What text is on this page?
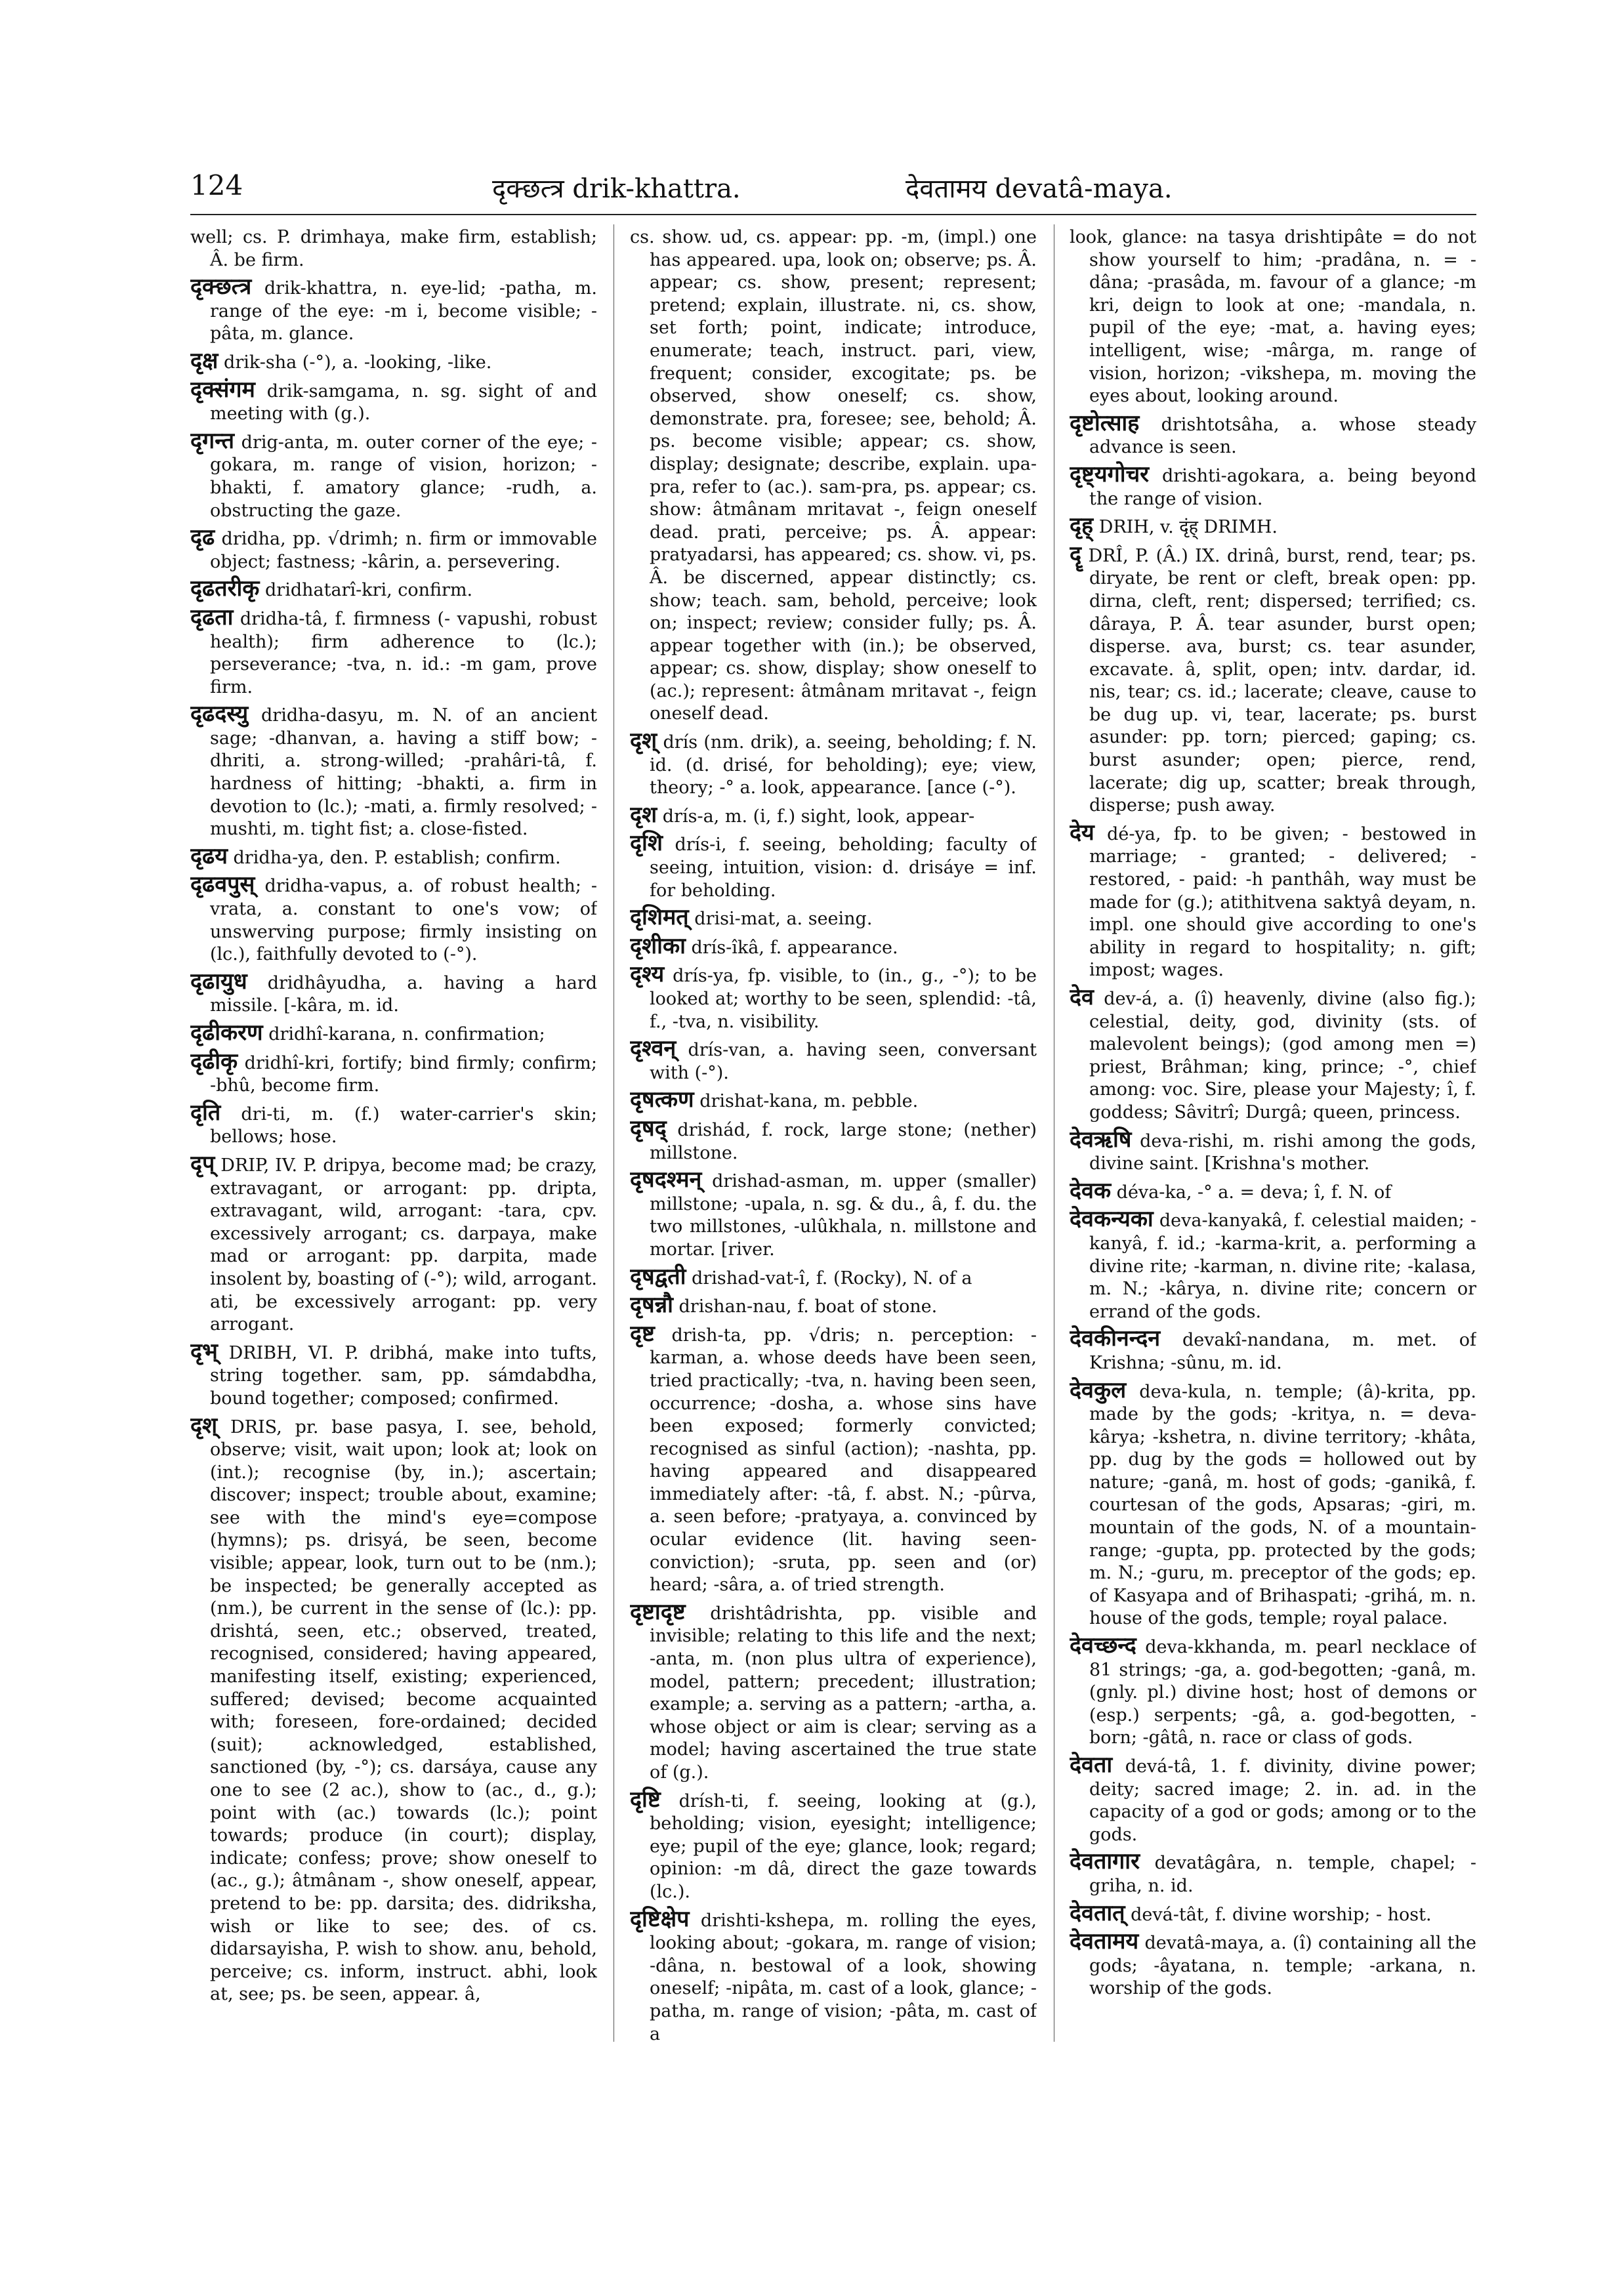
124	दृक्छत्त्र drik-khattra.	देवतामय devatâ-maya.

well; cs. P. drimhaya, make firm, establish; Â. be firm.

दृक्छत्त्र drik-khattra, n. eye-lid; -patha, m. range of the eye: -m i, become visible; -pâta, m. glance.

दृक्ष drik-sha (-°), a. -looking, -like.

दृक्संगम drik-samgama, n. sg. sight of and meeting with (g.).

दृगन्त drig-anta, m. outer corner of the eye; -gokara, m. range of vision, horizon; -bhakti, f. amatory glance; -rudh, a. obstructing the gaze.

दृढ dridha, pp. √drimh; n. firm or immovable object; fastness; -kârin, a. persevering.

दृढतरीकृ dridhatarî-kri, confirm.

दृढता dridha-tâ, f. firmness (- vapushi, robust health); firm adherence to (lc.); perseverance; -tva, n. id.: -m gam, prove firm.

दृढदस्यु dridha-dasyu, m. N. of an ancient sage; -dhanvan, a. having a stiff bow; -dhriti, a. strong-willed; -prahâri-tâ, f. hardness of hitting; -bhakti, a. firm in devotion to (lc.); -mati, a. firmly resolved; -mushti, m. tight fist; a. close-fisted.

दृढय dridha-ya, den. P. establish; confirm.

दृढवपुस् dridha-vapus, a. of robust health; -vrata, a. constant to one's vow; of unswerving purpose; firmly insisting on (lc.), faithfully devoted to (-°).

दृढायुध dridhâyudha, a. having a hard missile. [-kâra, m. id.

दृढीकरण dridhî-karana, n. confirmation;

दृढीकृ dridhî-kri, fortify; bind firmly; confirm; -bhû, become firm.

दृति dri-ti, m. (f.) water-carrier's skin; bellows; hose.

दृप् DRIP, IV. P. dripya, become mad; be crazy, extravagant, or arrogant: pp. dripta, extravagant, wild, arrogant: -tara, cpv. excessively arrogant; cs. darpaya, make mad or arrogant: pp. darpita, made insolent by, boasting of (-°); wild, arrogant. ati, be excessively arrogant: pp. very arrogant.

दृभ् DRIBH, VI. P. dribhá, make into tufts, string together. sam, pp. sámdabdha, bound together; composed; confirmed.

दृश् DRIS, pr. base pasya, I. see, behold, observe; visit, wait upon; look at; look on (int.); recognise (by, in.); ascertain; discover; inspect; trouble about, examine; see with the mind's eye=compose (hymns); ps. drisyá, be seen, become visible; appear, look, turn out to be (nm.); be inspected; be generally accepted as (nm.), be current in the sense of (lc.): pp. drishtá, seen, etc.; observed, treated, recognised, considered; having appeared, manifesting itself, existing; experienced, suffered; devised; become acquainted with; foreseen, fore-ordained; decided (suit); acknowledged, established, sanctioned (by, -°); cs. darsáya, cause any one to see (2 ac.), show to (ac., d., g.); point with (ac.) towards (lc.); point towards; produce (in court); display, indicate; confess; prove; show oneself to (ac., g.); âtmânam -, show oneself, appear, pretend to be: pp. darsita; des. didriksha, wish or like to see; des. of cs. didarsayisha, P. wish to show. anu, behold, perceive; cs. inform, instruct. abhi, look at, see; ps. be seen, appear. â,

cs. show. ud, cs. appear: pp. -m, (impl.) one has appeared. upa, look on; observe; ps. Â. appear; cs. show, present; represent; pretend; explain, illustrate. ni, cs. show, set forth; point, indicate; introduce, enumerate; teach, instruct. pari, view, frequent; consider, excogitate; ps. be observed, show oneself; cs. show, demonstrate. pra, foresee; see, behold; Â. ps. become visible; appear; cs. show, display; designate; describe, explain. upa-pra, refer to (ac.). sam-pra, ps. appear; cs. show: âtmânam mritavat -, feign oneself dead. prati, perceive; ps. Â. appear: pratyadarsi, has appeared; cs. show. vi, ps. Â. be discerned, appear distinctly; cs. show; teach. sam, behold, perceive; look on; inspect; review; consider fully; ps. Â. appear together with (in.); be observed, appear; cs. show, display; show oneself to (ac.); represent: âtmânam mritavat -, feign oneself dead.

दृश् drís (nm. drik), a. seeing, beholding; f. N. id. (d. drisé, for beholding); eye; view, theory; -° a. look, appearance. [ance (-°).

दृश drís-a, m. (i, f.) sight, look, appear-

दृशि drís-i, f. seeing, beholding; faculty of seeing, intuition, vision: d. drisáye = inf. for beholding.

दृशिमत् drisi-mat, a. seeing.

दृशीका drís-îkâ, f. appearance.

दृश्य drís-ya, fp. visible, to (in., g., -°); to be looked at; worthy to be seen, splendid: -tâ, f., -tva, n. visibility.

दृश्वन् drís-van, a. having seen, conversant with (-°).

दृषत्कण drishat-kana, m. pebble.

दृषद् drishád, f. rock, large stone; (nether) millstone.

दृषदश्मन् drishad-asman, m. upper (smaller) millstone; -upala, n. sg. & du., â, f. du. the two millstones, -ulûkhala, n. millstone and mortar. [river.

दृषद्वती drishad-vat-î, f. (Rocky), N. of a

दृषन्नौ drishan-nau, f. boat of stone.

दृष्ट drish-ta, pp. √dris; n. perception: -karman, a. whose deeds have been seen, tried practically; -tva, n. having been seen, occurrence; -dosha, a. whose sins have been exposed; formerly convicted; recognised as sinful (action); -nashta, pp. having appeared and disappeared immediately after: -tâ, f. abst. N.; -pûrva, a. seen before; -pratyaya, a. convinced by ocular evidence (lit. having seen-conviction); -sruta, pp. seen and (or) heard; -sâra, a. of tried strength.

दृष्टादृष्ट drishtâdrishta, pp. visible and invisible; relating to this life and the next; -anta, m. (non plus ultra of experience), model, pattern; precedent; illustration; example; a. serving as a pattern; -artha, a. whose object or aim is clear; serving as a model; having ascertained the true state of (g.).

दृष्टि drísh-ti, f. seeing, looking at (g.), beholding; vision, eyesight; intelligence; eye; pupil of the eye; glance, look; regard; opinion: -m dâ, direct the gaze towards (lc.).

दृष्टिक्षेप drishti-kshepa, m. rolling the eyes, looking about; -gokara, m. range of vision; -dâna, n. bestowal of a look, showing oneself; -nipâta, m. cast of a look, glance; -patha, m. range of vision; -pâta, m. cast of a

look, glance: na tasya drishtipâte = do not show yourself to him; -pradâna, n. = -dâna; -prasâda, m. favour of a glance; -m kri, deign to look at one; -mandala, n. pupil of the eye; -mat, a. having eyes; intelligent, wise; -mârga, m. range of vision, horizon; -vikshepa, m. moving the eyes about, looking around.

दृष्टोत्साह drishtotsâha, a. whose steady advance is seen.

दृष्ट्यगोचर drishti-agokara, a. being beyond the range of vision.

दृह् DRIH, v. दृंह् DRIMH.

दॄ DRÎ, P. (Â.) IX. drinâ, burst, rend, tear; ps. diryate, be rent or cleft, break open: pp. dirna, cleft, rent; dispersed; terrified; cs. dâraya, P. Â. tear asunder, burst open; disperse. ava, burst; cs. tear asunder, excavate. â, split, open; intv. dardar, id. nis, tear; cs. id.; lacerate; cleave, cause to be dug up. vi, tear, lacerate; ps. burst asunder: pp. torn; pierced; gaping; cs. burst asunder; open; pierce, rend, lacerate; dig up, scatter; break through, disperse; push away.

देय dé-ya, fp. to be given; - bestowed in marriage; - granted; - delivered; - restored, - paid: -h panthâh, way must be made for (g.); atithitvena saktyâ deyam, n. impl. one should give according to one's ability in regard to hospitality; n. gift; impost; wages.

देव dev-á, a. (î) heavenly, divine (also fig.); celestial, deity, god, divinity (sts. of malevolent beings); (god among men =) priest, Brâhman; king, prince; -°, chief among: voc. Sire, please your Majesty; î, f. goddess; Sâvitrî; Durgâ; queen, princess.

देवऋषि deva-rishi, m. rishi among the gods, divine saint. [Krishna's mother.

देवक déva-ka, -° a. = deva; î, f. N. of

देवकन्यका deva-kanyakâ, f. celestial maiden; -kanyâ, f. id.; -karma-krit, a. performing a divine rite; -karman, n. divine rite; -kalasa, m. N.; -kârya, n. divine rite; concern or errand of the gods.

देवकीनन्दन devakî-nandana, m. met. of Krishna; -sûnu, m. id.

देवकुल deva-kula, n. temple; (â)-krita, pp. made by the gods; -kritya, n. = deva-kârya; -kshetra, n. divine territory; -khâta, pp. dug by the gods = hollowed out by nature; -ganâ, m. host of gods; -ganikâ, f. courtesan of the gods, Apsaras; -giri, m. mountain of the gods, N. of a mountain-range; -gupta, pp. protected by the gods; m. N.; -guru, m. preceptor of the gods; ep. of Kasyapa and of Brihaspati; -grihá, m. n. house of the gods, temple; royal palace.

देवच्छन्द deva-kkhanda, m. pearl necklace of 81 strings; -ga, a. god-begotten; -ganâ, m. (gnly. pl.) divine host; host of demons or (esp.) serpents; -gâ, a. god-begotten, - born; -gâtâ, n. race or class of gods.

देवता devá-tâ, 1. f. divinity, divine power; deity; sacred image; 2. in. ad. in the capacity of a god or gods; among or to the gods.

देवतागार devatâgâra, n. temple, chapel; -griha, n. id.

देवतात् devá-tât, f. divine worship; - host.

देवतामय devatâ-maya, a. (î) containing all the gods; -âyatana, n. temple; -arkana, n. worship of the gods.
